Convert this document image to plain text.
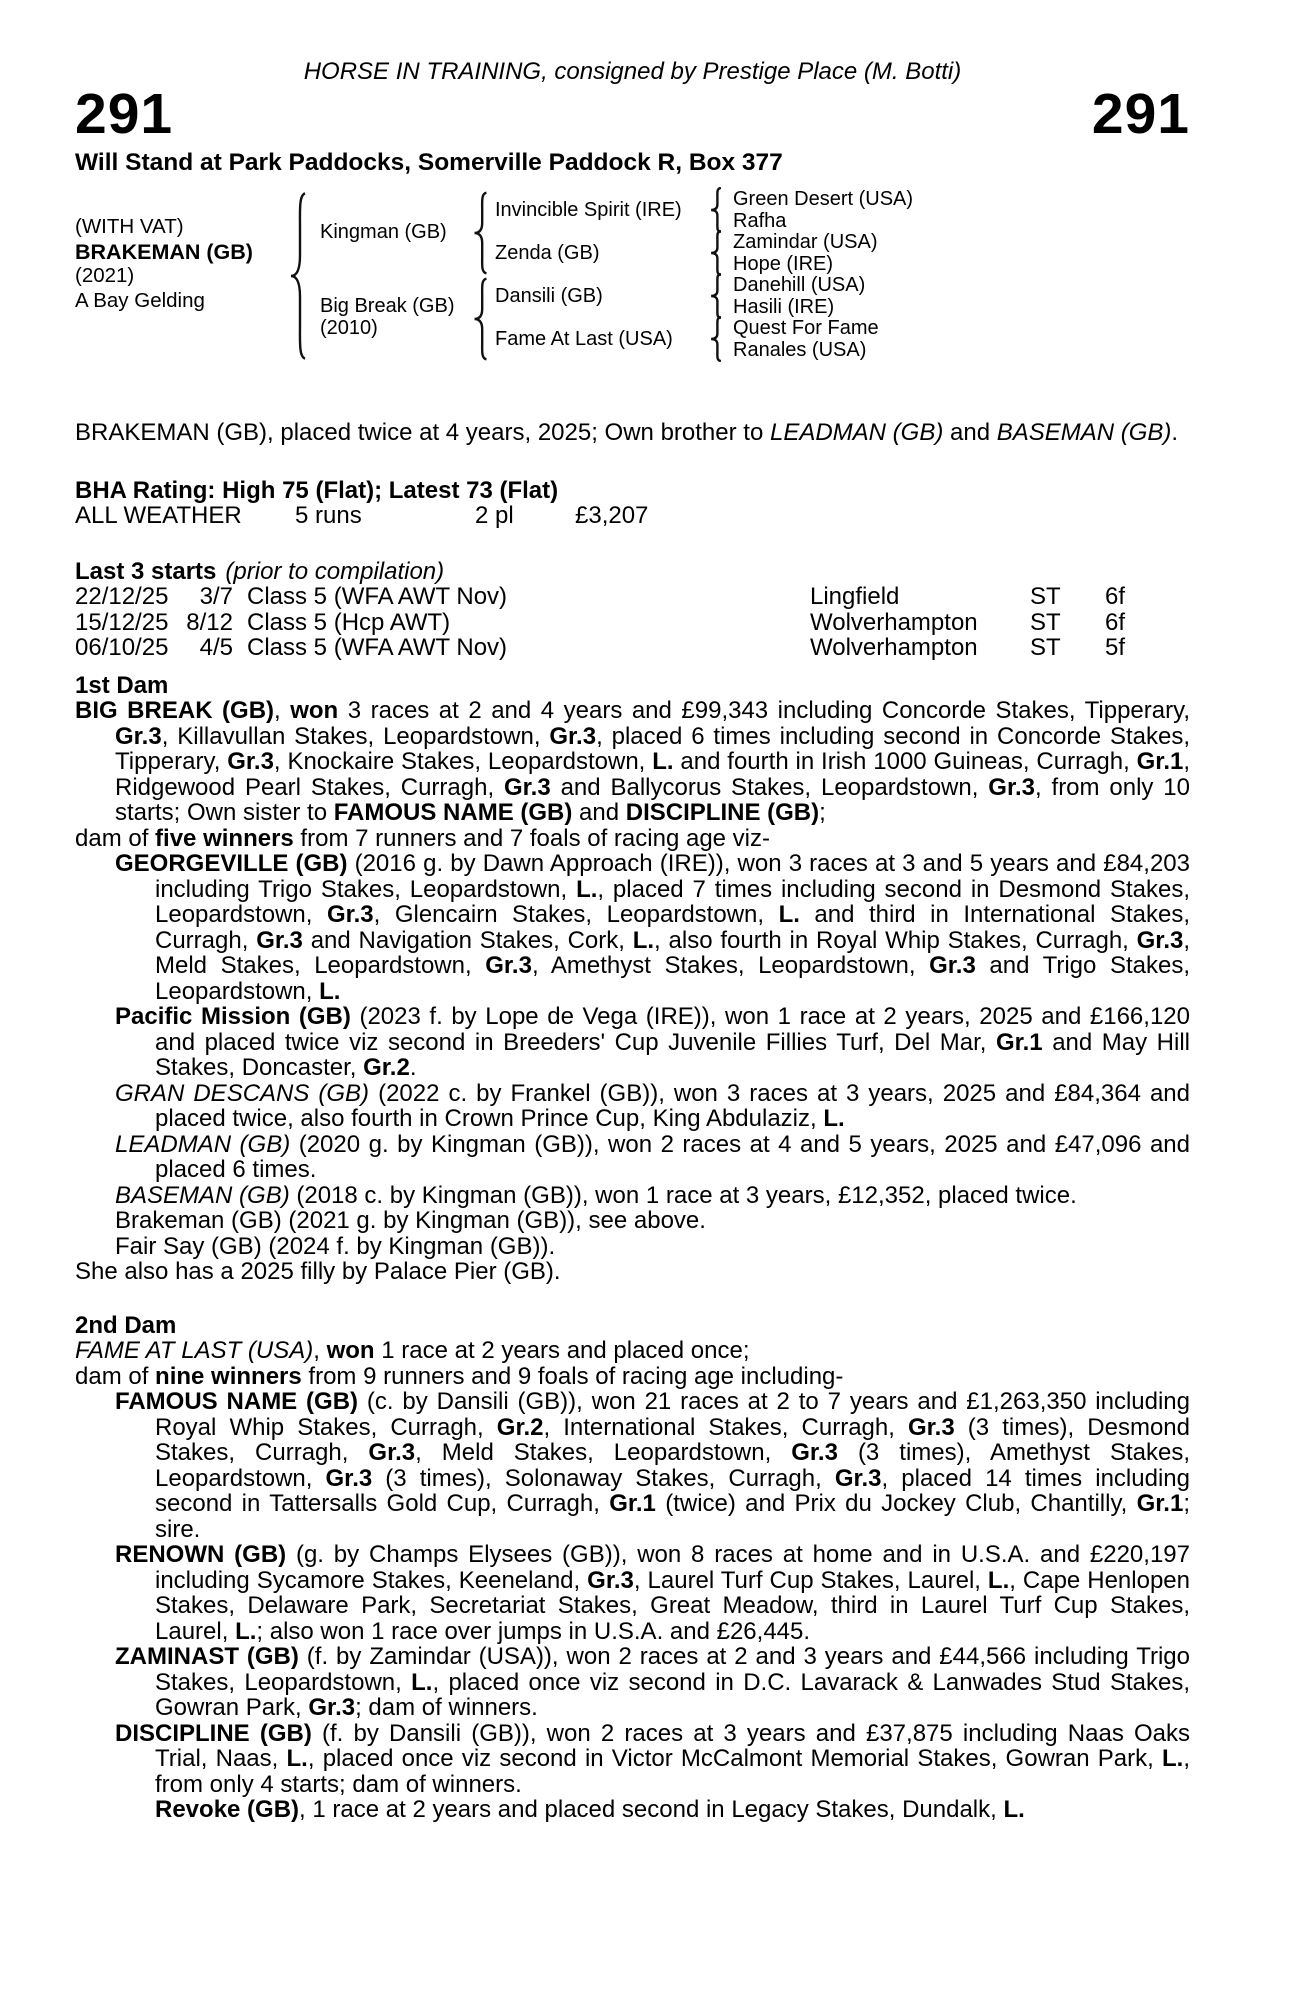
HORSE IN TRAINING, consigned by Prestige Place (M. Botti)
291	291
Will Stand at Park Paddocks, Somerville Paddock R, Box 377
(WITH VAT)
BRAKEMAN (GB)
(2021)
A Bay Gelding
Kingman (GB)
Big Break (GB)
(2010)
Invincible Spirit (IRE)
Zenda (GB)
Dansili (GB)
Fame At Last (USA)
Green Desert (USA)
Rafha
Zamindar (USA)
Hope (IRE)
Danehill (USA)
Hasili (IRE)
Quest For Fame
Ranales (USA)
BRAKEMAN (GB), placed twice at 4 years, 2025; Own brother to LEADMAN (GB) and BASEMAN (GB).
BHA Rating: High 75 (Flat); Latest 73 (Flat)
ALL WEATHER	5 runs	2 pl	£3,207
Last 3 starts (prior to compilation)
22/12/25	3/7 Class 5 (WFA AWT Nov)	Lingfield	ST	6f
15/12/25 8/12 Class 5 (Hcp AWT)	Wolverhampton	ST	6f
06/10/25	4/5 Class 5 (WFA AWT Nov)	Wolverhampton	ST	5f
1st Dam
BIG BREAK (GB), won 3 races at 2 and 4 years and £99,343 including Concorde Stakes, Tipperary, Gr.3, Killavullan Stakes, Leopardstown, Gr.3, placed 6 times including second in Concorde Stakes, Tipperary, Gr.3, Knockaire Stakes, Leopardstown, L. and fourth in Irish 1000 Guineas, Curragh, Gr.1, Ridgewood Pearl Stakes, Curragh, Gr.3 and Ballycorus Stakes, Leopardstown, Gr.3, from only 10 starts; Own sister to FAMOUS NAME (GB) and DISCIPLINE (GB);
dam of five winners from 7 runners and 7 foals of racing age viz-
GEORGEVILLE (GB) (2016 g. by Dawn Approach (IRE)), won 3 races at 3 and 5 years and £84,203 including Trigo Stakes, Leopardstown, L., placed 7 times including second in Desmond Stakes, Leopardstown, Gr.3, Glencairn Stakes, Leopardstown, L. and third in International Stakes, Curragh, Gr.3 and Navigation Stakes, Cork, L., also fourth in Royal Whip Stakes, Curragh, Gr.3, Meld Stakes, Leopardstown, Gr.3, Amethyst Stakes, Leopardstown, Gr.3 and Trigo Stakes, Leopardstown, L.
Pacific Mission (GB) (2023 f. by Lope de Vega (IRE)), won 1 race at 2 years, 2025 and £166,120 and placed twice viz second in Breeders' Cup Juvenile Fillies Turf, Del Mar, Gr.1 and May Hill Stakes, Doncaster, Gr.2.
GRAN DESCANS (GB) (2022 c. by Frankel (GB)), won 3 races at 3 years, 2025 and £84,364 and placed twice, also fourth in Crown Prince Cup, King Abdulaziz, L.
LEADMAN (GB) (2020 g. by Kingman (GB)), won 2 races at 4 and 5 years, 2025 and £47,096 and placed 6 times.
BASEMAN (GB) (2018 c. by Kingman (GB)), won 1 race at 3 years, £12,352, placed twice.
Brakeman (GB) (2021 g. by Kingman (GB)), see above.
Fair Say (GB) (2024 f. by Kingman (GB)).
She also has a 2025 filly by Palace Pier (GB).
2nd Dam
FAME AT LAST (USA), won 1 race at 2 years and placed once;
dam of nine winners from 9 runners and 9 foals of racing age including-
FAMOUS NAME (GB) (c. by Dansili (GB)), won 21 races at 2 to 7 years and £1,263,350 including Royal Whip Stakes, Curragh, Gr.2, International Stakes, Curragh, Gr.3 (3 times), Desmond Stakes, Curragh, Gr.3, Meld Stakes, Leopardstown, Gr.3 (3 times), Amethyst Stakes, Leopardstown, Gr.3 (3 times), Solonaway Stakes, Curragh, Gr.3, placed 14 times including second in Tattersalls Gold Cup, Curragh, Gr.1 (twice) and Prix du Jockey Club, Chantilly, Gr.1; sire.
RENOWN (GB) (g. by Champs Elysees (GB)), won 8 races at home and in U.S.A. and £220,197 including Sycamore Stakes, Keeneland, Gr.3, Laurel Turf Cup Stakes, Laurel, L., Cape Henlopen Stakes, Delaware Park, Secretariat Stakes, Great Meadow, third in Laurel Turf Cup Stakes, Laurel, L.; also won 1 race over jumps in U.S.A. and £26,445.
ZAMINAST (GB) (f. by Zamindar (USA)), won 2 races at 2 and 3 years and £44,566 including Trigo Stakes, Leopardstown, L., placed once viz second in D.C. Lavarack & Lanwades Stud Stakes, Gowran Park, Gr.3; dam of winners.
DISCIPLINE (GB) (f. by Dansili (GB)), won 2 races at 3 years and £37,875 including Naas Oaks Trial, Naas, L., placed once viz second in Victor McCalmont Memorial Stakes, Gowran Park, L., from only 4 starts; dam of winners.
Revoke (GB), 1 race at 2 years and placed second in Legacy Stakes, Dundalk, L.
